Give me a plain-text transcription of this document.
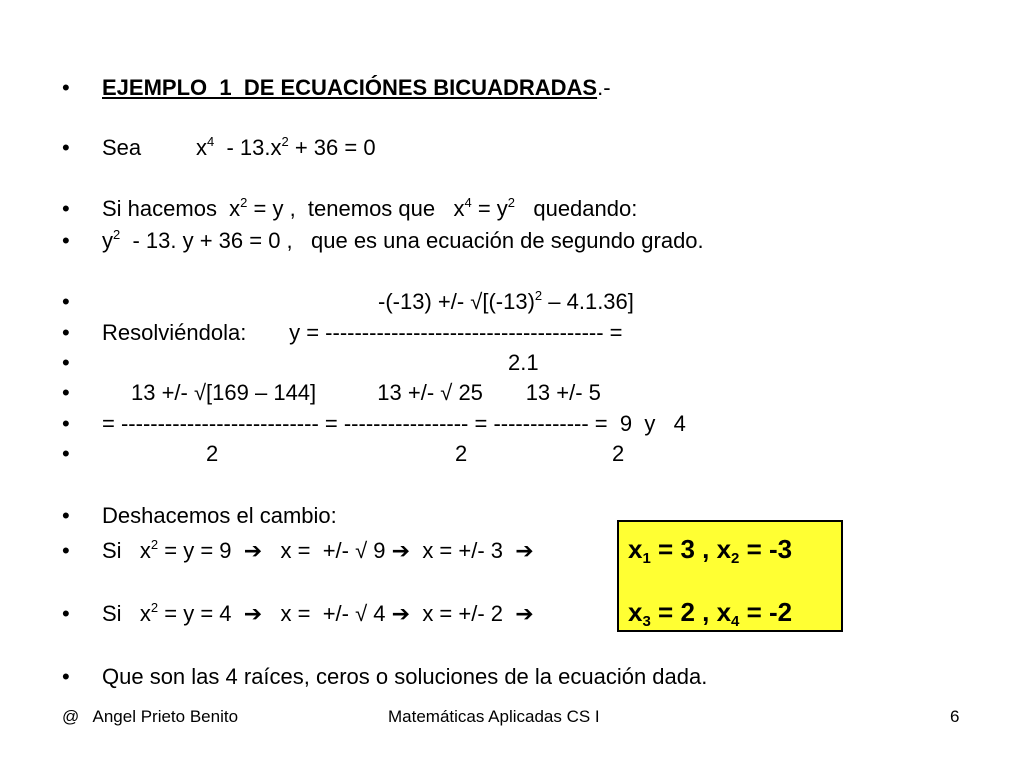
•
•
•
•
•
•
•
•
•
•
•
•
•
•
EJEMPLO  1  DE ECUACIÓNES BICUADRADAS.-
Sea $x^4 - 13.x^2 + 36 = 0$
Si hacemos  $x^2 = y$ ,  tenemos que   $x^4 = y^2$   quedando:
$y^2 - 13$. y + 36 = 0 ,   que es una ecuación de segundo grado.
-(-13) +/- $√[(-13)^2 - 4.1.36]$
Resolviéndola:       y = -------------------------------------- =
2.1
13 +/- √[169 – 144]          13 +/- √ 25       13 +/- 5
= --------------------------- = ----------------- = ------------- =  9  y   4
2	2	2
Deshacemos el cambio:
Si   $x^2 = y = 9$  ➔   x =  +/- √ 9 ➔  x = +/- 3  ➔	$x_1 = 3$ , $x_2 = -3$
Si   $x^2 = y = 4$  ➔   x =  +/- √ 4 ➔  x = +/- 2  ➔	$x_3 = 2$ , $x_4 = -2$
Que son las 4 raíces, ceros o soluciones de la ecuación dada.
@   Angel Prieto Benito	Matemáticas Aplicadas CS I	6
